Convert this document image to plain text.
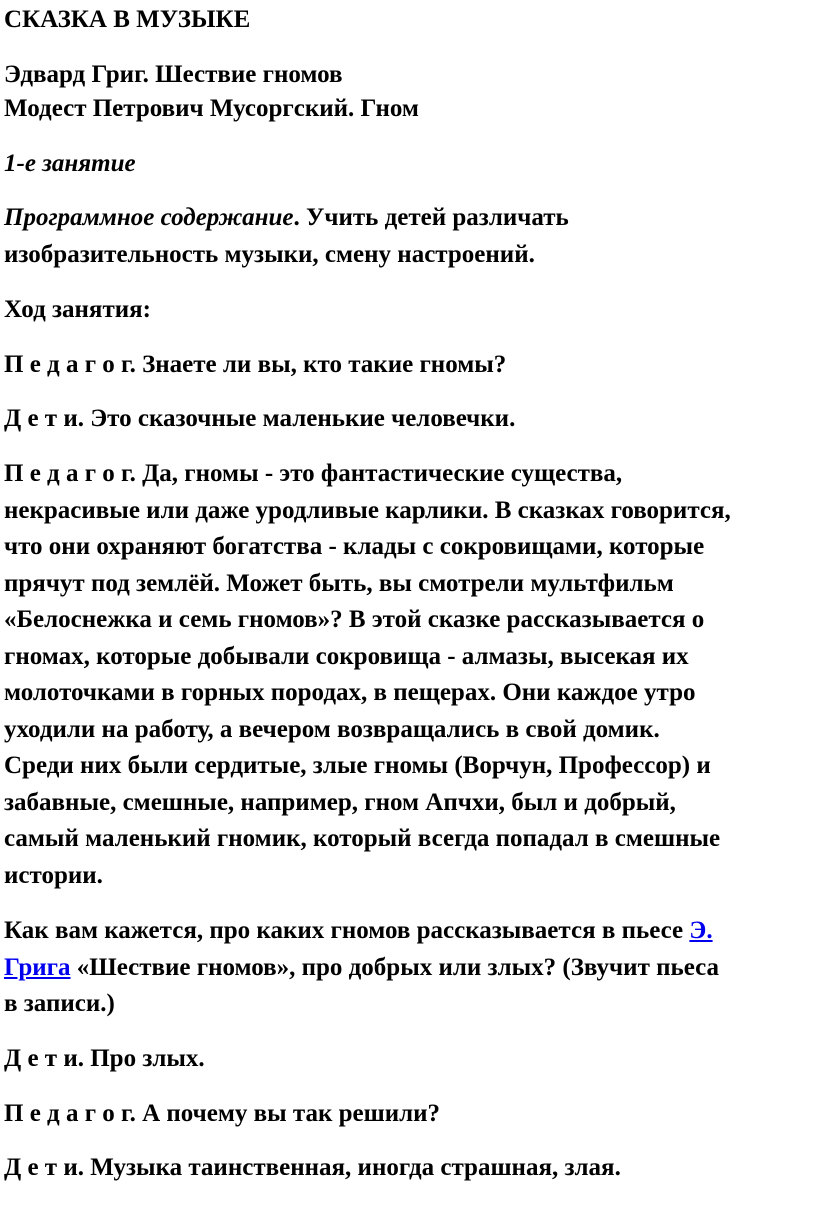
СКАЗКА В МУЗЫКЕ
Эдвард Григ. Шествие гномов
Модест Петрович Мусоргский. Гном
1-е занятие
Программное содержание. Учить детей различать
изобразительность музыки, смену настроений.
Ход занятия:
П е д а г о г. Знаете ли вы, кто такие гномы?
Д е т и. Это сказочные маленькие человечки.
П е д а г о г. Да, гномы - это фантастические существа,
некрасивые или даже уродливые карлики. В сказках говорится,
что они охраняют богатства - клады с сокровищами, которые
прячут под землёй. Может быть, вы смотрели мультфильм
«Белоснежка и семь гномов»? В этой сказке рассказывается о
гномах, которые добывали сокровища - алмазы, высекая их
молоточками в горных породах, в пещерах. Они каждое утро
уходили на работу, а вечером возвращались в свой домик.
Среди них были сердитые, злые гномы (Ворчун, Профессор) и
забавные, смешные, например, гном Апчхи, был и добрый,
самый маленький гномик, который всегда попадал в смешные
истории.
Как вам кажется, про каких гномов рассказывается в пьесе Э.
Грига «Шествие гномов», про добрых или злых? (Звучит пьеса
в записи.)
Д е т и. Про злых.
П е д а г о г. А почему вы так решили?
Д е т и. Музыка таинственная, иногда страшная, злая.
